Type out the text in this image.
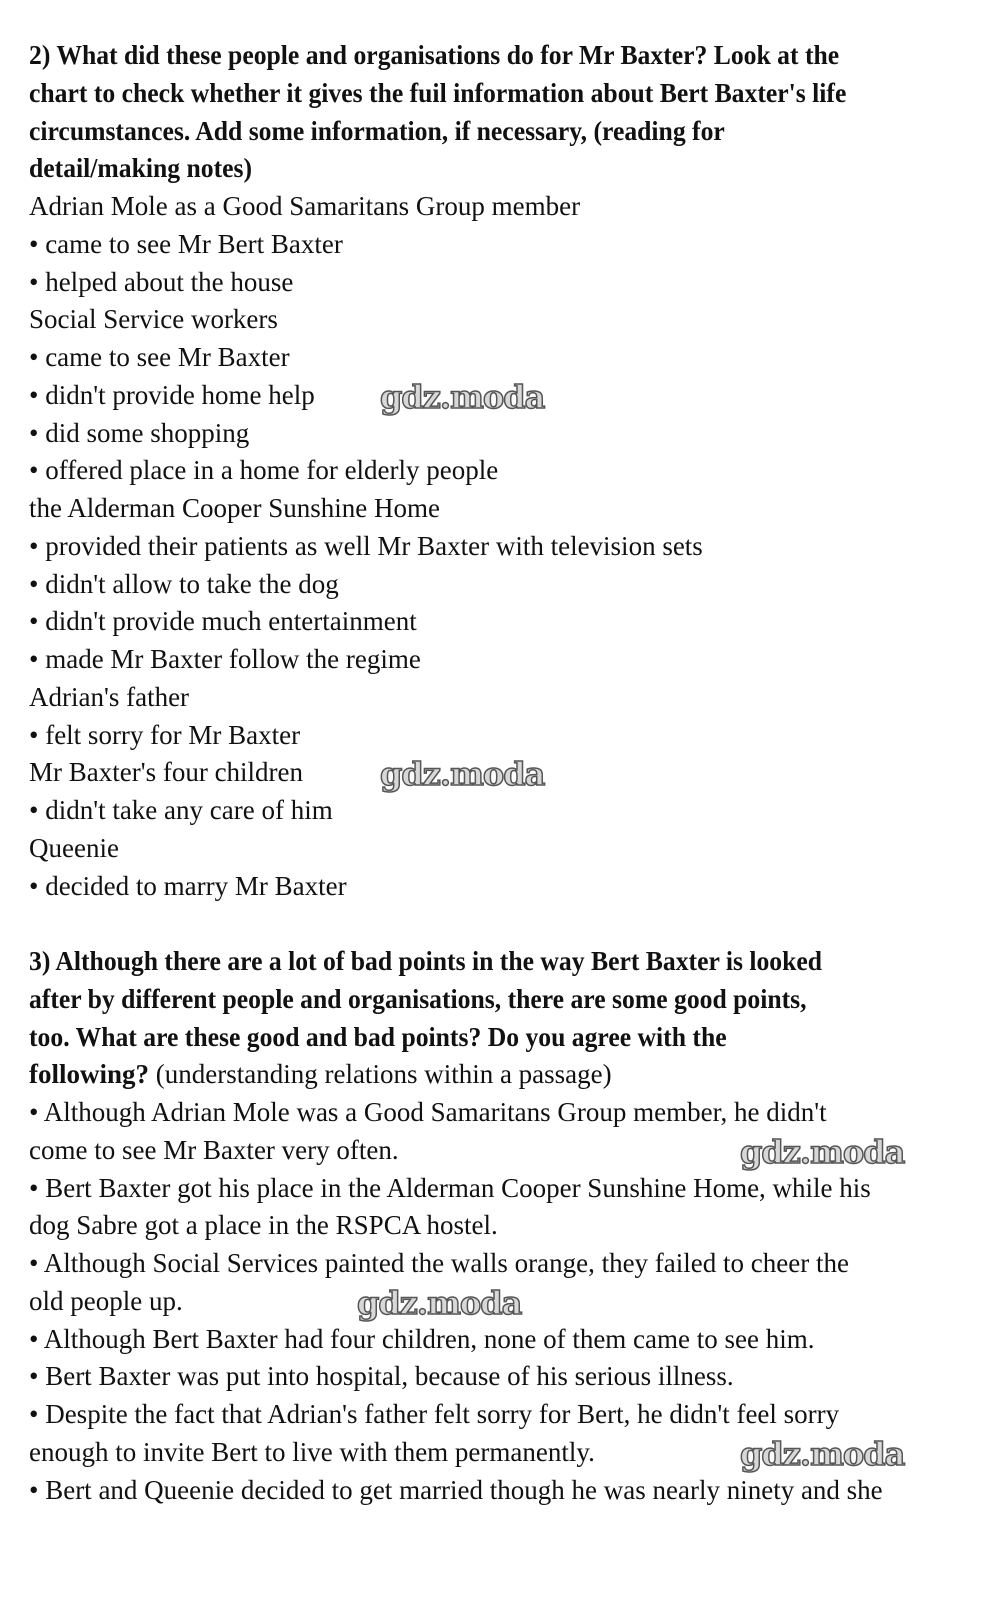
2) What did these people and organisations do for Mr Baxter? Look at the
chart to check whether it gives the fuil information about Bert Baxter's life
circumstances. Add some information, if necessary, (reading for
detail/making notes)
Adrian Mole as a Good Samaritans Group member
• came to see Mr Bert Baxter
• helped about the house
Social Service workers
• came to see Mr Baxter
• didn't provide home help
• did some shopping
• offered place in a home for elderly people
the Alderman Cooper Sunshine Home
• provided their patients as well Mr Baxter with television sets
• didn't allow to take the dog
• didn't provide much entertainment
• made Mr Baxter follow the regime
Adrian's father
• felt sorry for Mr Baxter
Mr Baxter's four children
• didn't take any care of him
Queenie
• decided to marry Mr Baxter
3) Although there are a lot of bad points in the way Bert Baxter is looked
after by different people and organisations, there are some good points,
too. What are these good and bad points? Do you agree with the
following? (understanding relations within a passage)
• Although Adrian Mole was a Good Samaritans Group member, he didn't
come to see Mr Baxter very often.
• Bert Baxter got his place in the Alderman Cooper Sunshine Home, while his
dog Sabre got a place in the RSPCA hostel.
• Although Social Services painted the walls orange, they failed to cheer the
old people up.
• Although Bert Baxter had four children, none of them came to see him.
• Bert Baxter was put into hospital, because of his serious illness.
• Despite the fact that Adrian's father felt sorry for Bert, he didn't feel sorry
enough to invite Bert to live with them permanently.
• Bert and Queenie decided to get married though he was nearly ninety and she
gdz.moda
gdz.moda
gdz.moda
gdz.moda
gdz.moda
